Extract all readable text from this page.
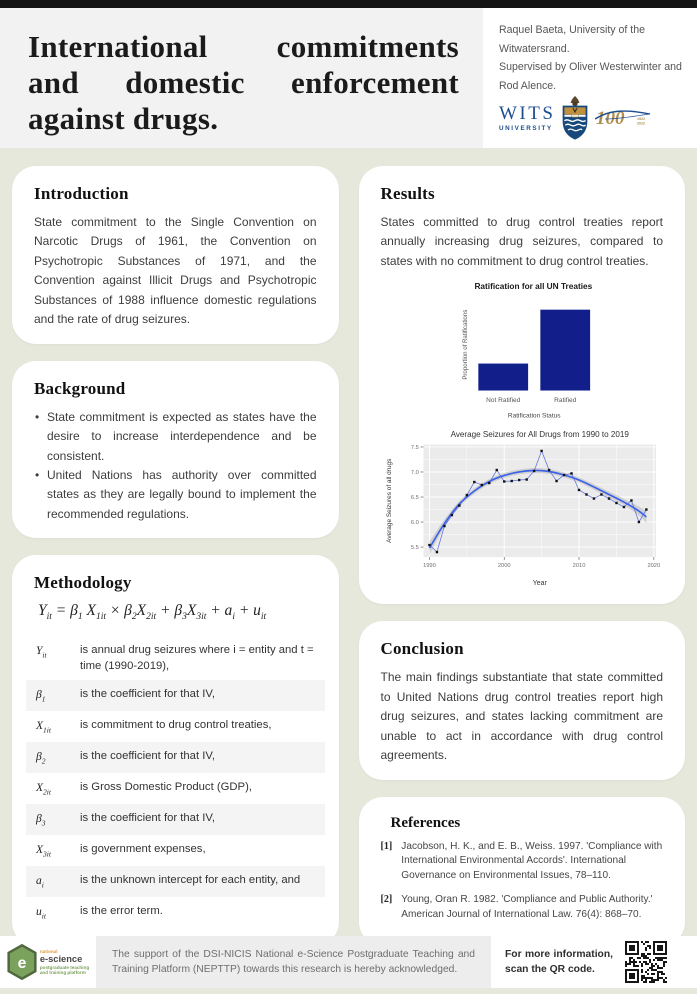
International commitments
and domestic enforcement
against drugs.

Raquel Baeta, University of the Witwatersrand.

Supervised by Oliver Westerwinter and Rod Alence.

WITS
UNIVERSITY 100	1922
2022
Introduction

State commitment to the Single Convention on Narcotic Drugs of 1961, the Convention on Psychotropic Substances of 1971, and the Convention against Illicit Drugs and Psychotropic Substances of 1988 influence domestic regulations and the rate of drug seizures.

Background
• State commitment is expected as states have the desire to increase interdependence and be consistent.
• United Nations has authority over committed states as they are legally bound to implement the recommended regulations.
Methodology
$Y_{it} = \beta_1$ $X_{1it} \times \beta_2X_{2it} + \beta_3X_{3it} + a_i + u_{it}$
$Y_{it}$	is annual drug seizures where i = entity and t = time (1990-2019),
$\beta_1$	is the coefficient for that IV,
$X_{1it}$	is commitment to drug control treaties,
$\beta_2$	is the coefficient for that IV,
$X_{2it}$	is Gross Domestic Product (GDP),
$\beta_3$	is the coefficient for that IV,
$X_{3it}$	is government expenses,
$a_i$	is the unknown intercept for each entity, and
$u_{it}$	is the error term.
Results

States committed to drug control treaties report annually increasing drug seizures, compared to states with no commitment to drug control treaties.

Ratification for all UN Treaties
Proportion of Ratifications
Not Ratified	Ratified
Ratification Status
Average Seizures for All Drugs from 1990 to 2019
5.5
6.0
6.5
7.0
7.5
1990	2000	2010	2020
Average Seizures of all drugs
Year
Conclusion

The main findings substantiate that state committed to United Nations drug control treaties report high drug seizures, and states lacking commitment are unable to act in accordance with drug control agreements.

References
[1] Jacobson, H. K., and E. B., Weiss. 1997. 'Compliance with International Environmental Accords'. International Governance on Environmental Issues, 78–110.
[2] Young, Oran R. 1982. 'Compliance and Public Authority.' American Journal of International Law. 76(4): 868–70.
e
national
e-science
postgraduate teaching
and training platform

The support of the DSI-NICIS National e-Science Postgraduate Teaching and Training Platform (NEPTTP) towards this research is hereby acknowledged.

For more information, scan the QR code.
